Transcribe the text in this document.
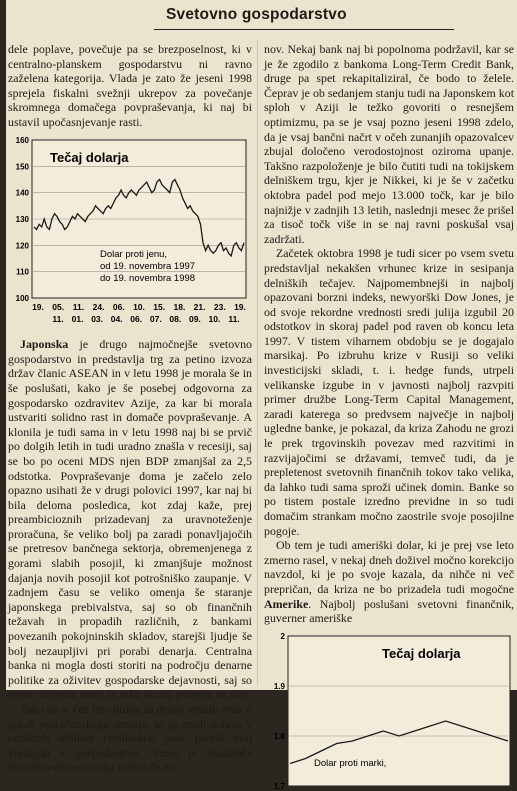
Svetovno gospodarstvo

dele poplave, povečuje pa se brezposelnost, ki v centralno-planskem gospodarstvu ni ravno zaželena kategorija. Vlada je zato že jeseni 1998 sprejela fiskalni svežnji ukrepov za povečanje skromnega domačega povpraševanja, ki naj bi ustavil upočasnjevanje rasti.

100
110
120
130
140
150
160
Tečaj dolarja
Dolar proti jenu,
od 19. novembra 1997
do 19. novembra 1998
19. 05. 11. 24. 06. 10. 15. 18. 21. 23. 19.
11. 01. 03. 04. 06. 07. 08. 09. 10. 11.

Japonska je drugo najmočnejše svetovno gospodarstvo in predstavlja trg za petino izvoza držav članic ASEAN in v letu 1998 je morala še in še poslušati, kako je še posebej odgovorna za gospodarsko ozdravitev Azije, za kar bi morala ustvariti solidno rast in domače povpraševanje. A klonila je tudi sama in v letu 1998 naj bi se prvič po dolgih letih in tudi uradno znašla v recesiji, saj se bo po oceni MDS njen BDP zmanjšal za 2,5 odstotka. Povpraševanje doma je začelo zelo opazno usihati že v drugi polovici 1997, kar naj bi bila deloma posledica, kot zdaj kaže, prej preambicioznih prizadevanj za uravnoteženje proračuna, še veliko bolj pa zaradi ponavljajočih se pretresov bančnega sektorja, obremenjenega z gorami slabih posojil, ki zmanjšuje možnost dajanja novih posojil kot potrošniško zaupanje. V zadnjem času se veliko omenja še staranje japonskega prebivalstva, saj so ob finančnih težavah in propadih različnih, z bankami povezanih pokojninskih skladov, starejši ljudje še bolj nezaupljivi pri porabi denarja. Centralna banka ni mogla dosti storiti na področju denarne politike za oživitev gospodarske dejavnosti, saj so njene obrestne mere že tako skoraj povsem na tleh.

Tako so se čez leto druga za drugo vrstile vesti o gorah proračunskega denarja, ki ga misli država v različnih oblikah (velikokrat prek javnih del) vbrizgati v gospodarstvo. Vmes je vladajoča liberalno-demokratska dobila še no-

nov. Nekaj bank naj bi popolnoma podržavil, kar se je že zgodilo z bankoma Long-Term Credit Bank, druge pa spet rekapitaliziral, če bodo to želele. Čeprav je ob sedanjem stanju tudi na Japonskem kot sploh v Aziji le težko govoriti o resnejšem optimizmu, pa se je vsaj pozno jeseni 1998 zdelo, da je vsaj bančni načrt v očeh zunanjih opazovalcev zbujal določeno verodostojnost oziroma upanje. Takšno razpoloženje je bilo čutiti tudi na tokijskem delniškem trgu, kjer je Nikkei, ki je še v začetku oktobra padel pod mejo 13.000 točk, kar je bilo najnižje v zadnjih 13 letih, naslednji mesec že prišel za tisoč točk više in se naj ravni poskušal vsaj zadržati.

Začetek oktobra 1998 je tudi sicer po vsem svetu predstavljal nekakšen vrhunec krize in sesipanja delniških tečajev. Najpomembnejši in najbolj opazovani borzni indeks, newyorški Dow Jones, je od svoje rekordne vrednosti sredi julija izgubil 20 odstotkov in skoraj padel pod raven ob koncu leta 1997. V tistem viharnem obdobju se je dogajalo marsikaj. Po izbruhu krize v Rusiji so veliki investicijski skladi, t. i. hedge funds, utrpeli velikanske izgube in v javnosti najbolj razvpiti primer družbe Long-Term Capital Management, zaradi katerega so predvsem največje in najbolj ugledne banke, je pokazal, da kriza Zahodu ne grozi le prek trgovinskih povezav med razvitimi in razvijajočimi se državami, temveč tudi, da je prepletenost svetovnih finančnih tokov tako velika, da lahko tudi sama sproži učinek domin. Banke so po tistem postale izredno previdne in so tudi domačim strankam močno zaostrile svoje posojilne pogoje.

Ob tem je tudi ameriški dolar, ki je prej vse leto zmerno rasel, v nekaj dneh doživel močno korekcijo navzdol, ki je po svoje kazala, da nihče ni več prepričan, da kriza ne bo prizadela tudi mogočne Amerike. Najbolj poslušani svetovni finančnik, guverner ameriške

1.7
1.8
1.9
2
Tečaj dolarja
Dolar proti marki,
